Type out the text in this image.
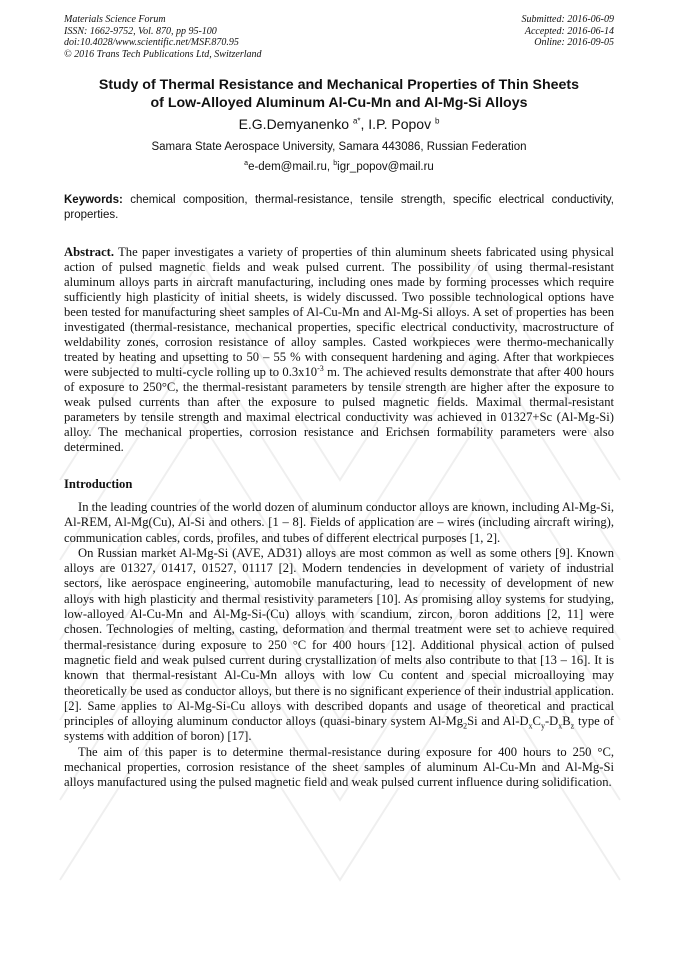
Materials Science Forum
ISSN: 1662-9752, Vol. 870, pp 95-100
doi:10.4028/www.scientific.net/MSF.870.95
© 2016 Trans Tech Publications Ltd, Switzerland
Submitted: 2016-06-09
Accepted: 2016-06-14
Online: 2016-09-05
Study of Thermal Resistance and Mechanical Properties of Thin Sheets
of Low-Alloyed Aluminum Al-Cu-Mn and Al-Mg-Si Alloys
E.G.Demyanenko $^{a*}$, I.P. Popov $^b$
Samara State Aerospace University, Samara 443086, Russian Federation
$^a$e-dem@mail.ru, $^b$igr_popov@mail.ru
Keywords: chemical composition, thermal-resistance, tensile strength, specific electrical conductivity, properties.
Abstract. The paper investigates a variety of properties of thin aluminum sheets fabricated using physical action of pulsed magnetic fields and weak pulsed current. The possibility of using thermal-resistant aluminum alloys parts in aircraft manufacturing, including ones made by forming processes which require sufficiently high plasticity of initial sheets, is widely discussed. Two possible technological options have been tested for manufacturing sheet samples of Al-Cu-Mn and Al-Mg-Si alloys. A set of properties has been investigated (thermal-resistance, mechanical properties, specific electrical conductivity, macrostructure of weldability zones, corrosion resistance of alloy samples. Casted workpieces were thermo-mechanically treated by heating and upsetting to 50 – 55 % with consequent hardening and aging. After that workpieces were subjected to multi-cycle rolling up to $0.3x10^{-3}$ m. The achieved results demonstrate that after 400 hours of exposure to 250°C, the thermal-resistant parameters by tensile strength are higher after the exposure to weak pulsed currents than after the exposure to pulsed magnetic fields. Maximal thermal-resistant parameters by tensile strength and maximal electrical conductivity was achieved in 01327+Sc (Al-Mg-Si) alloy. The mechanical properties, corrosion resistance and Erichsen formability parameters were also determined.
Introduction

In the leading countries of the world dozen of aluminum conductor alloys are known, including Al-Mg-Si, Al-REM, Al-Mg(Cu), Al-Si and others. [1 – 8]. Fields of application are – wires (including aircraft wiring), communication cables, cords, profiles, and tubes of different electrical purposes [1, 2].

On Russian market Al-Mg-Si (AVE, AD31) alloys are most common as well as some others [9]. Known alloys are 01327, 01417, 01527, 01117 [2]. Modern tendencies in development of variety of industrial sectors, like aerospace engineering, automobile manufacturing, lead to necessity of development of new alloys with high plasticity and thermal resistivity parameters [10]. As promising alloy systems for studying, low-alloyed Al-Cu-Mn and Al-Mg-Si-(Cu) alloys with scandium, zircon, boron additions [2, 11] were chosen. Technologies of melting, casting, deformation and thermal treatment were set to achieve required thermal-resistance during exposure to 250 °C for 400 hours [12]. Additional physical action of pulsed magnetic field and weak pulsed current during crystallization of melts also contribute to that [13 – 16]. It is known that thermal-resistant Al-Cu-Mn alloys with low Cu content and special microalloying may theoretically be used as conductor alloys, but there is no significant experience of their industrial application. [2]. Same applies to Al-Mg-Si-Cu alloys with described dopants and usage of theoretical and practical principles of alloying aluminum conductor alloys (quasi-binary system $Al-Mg_2Si$ and $Al-D_xC_y-D_xB_z$ type of systems with addition of boron) [17].

The aim of this paper is to determine thermal-resistance during exposure for 400 hours to 250 °C, mechanical properties, corrosion resistance of the sheet samples of aluminum Al-Cu-Mn and Al-Mg-Si alloys manufactured using the pulsed magnetic field and weak pulsed current influence during solidification.
